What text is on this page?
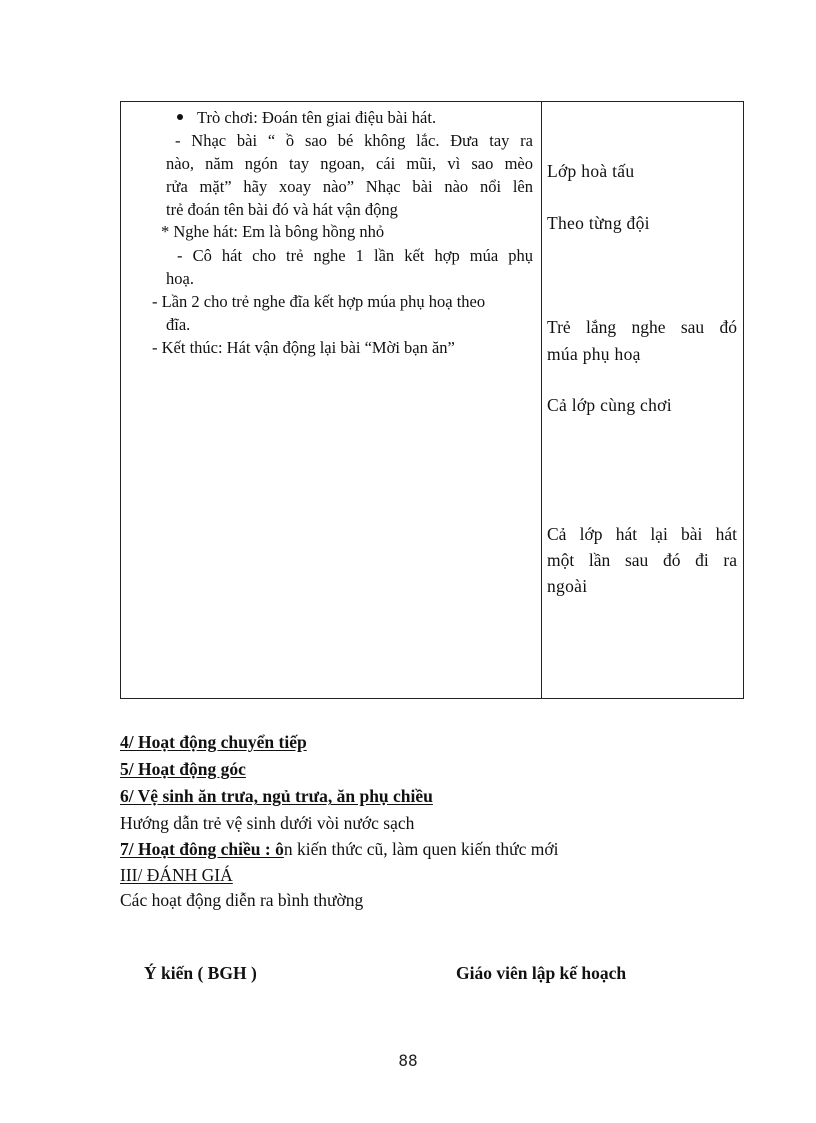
Trò chơi: Đoán tên giai điệu bài hát.
- Nhạc bài “ ồ sao bé không lắc. Đưa tay ra
nào, năm ngón tay ngoan, cái mũi, vì sao mèo
rửa mặt” hãy xoay nào” Nhạc bài nào nổi lên
trẻ đoán tên bài đó và hát vận động
* Nghe hát: Em là bông hồng nhỏ
- Cô hát cho trẻ nghe 1 lần kết hợp múa phụ
hoạ.
- Lần 2 cho trẻ nghe đĩa kết hợp múa phụ hoạ theo
đĩa.
- Kết thúc: Hát vận động lại bài “Mời bạn ăn”
Lớp hoà tấu
Theo từng đội
Trẻ lắng nghe sau đó
múa phụ hoạ
Cả lớp cùng chơi
Cả lớp hát lại bài hát
một lần sau đó đi ra
ngoài
4/ Hoạt động chuyển tiếp
5/ Hoạt động góc
6/ Vệ sinh ăn trưa, ngủ trưa, ăn phụ chiều
Hướng dẫn trẻ vệ sinh dưới vòi nước sạch
7/ Hoạt đông chiều : ôn kiến thức cũ, làm quen kiến thức mới
III/ ĐÁNH GIÁ
Các hoạt động diễn ra bình thường
Ý kiến ( BGH )	Giáo viên lập kế hoạch
88
